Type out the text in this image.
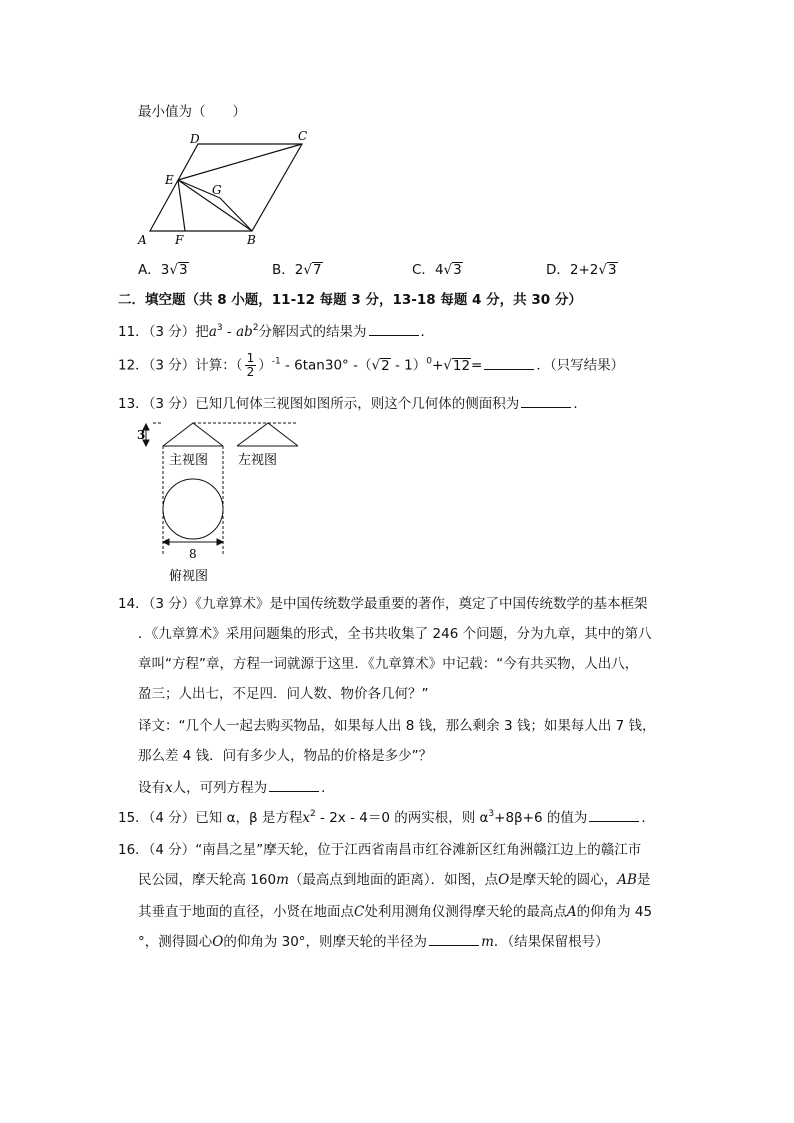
最小值为（　　）
A	B
C
D
E
F
G
A．3√3	B．2√7	C．4√3	D．2+2√3
二．填空题（共 8 小题，11-12 每题 3 分，13-18 每题 4 分，共 30 分）
11．（3 分）把$a^3 - ab^2$分解因式的结果为	．
12．（3 分）计算：（ $\frac{1}{2} )^{-1} - 6\tan 30^\circ$ -（√2 - 1）$^0$+√12=	．（只写结果）
13．（3 分）已知几何体三视图如图所示，则这个几何体的侧面积为	．
3
8
主视图 左视图
俯视图
14．（3 分）《九章算术》是中国传统数学最重要的著作，奠定了中国传统数学的基本框架
．《九章算术》采用问题集的形式，全书共收集了 246 个问题，分为九章，其中的第八
章叫“方程”章，方程一词就源于这里．《九章算术》中记载：“今有共买物，人出八，
盈三；人出七，不足四．问人数、物价各几何？”
译文：“几个人一起去购买物品，如果每人出 8 钱，那么剩余 3 钱；如果每人出 7 钱，
那么差 4 钱．问有多少人，物品的价格是多少”？
设有x人，可列方程为	．
15．（4 分）已知 α，β 是方程$x^2 - 2x - 4=0$ 的两实根，则 $\alpha^3+8\beta+6$ 的值为	．
16．（4 分）“南昌之星”摩天轮，位于江西省南昌市红谷滩新区红角洲赣江边上的赣江市
民公园，摩天轮高 160m（最高点到地面的距离）．如图，点O是摩天轮的圆心，AB是
其垂直于地面的直径，小贤在地面点C处利用测角仪测得摩天轮的最高点A的仰角为 45
°，测得圆心O的仰角为 30°，则摩天轮的半径为	m．（结果保留根号）
